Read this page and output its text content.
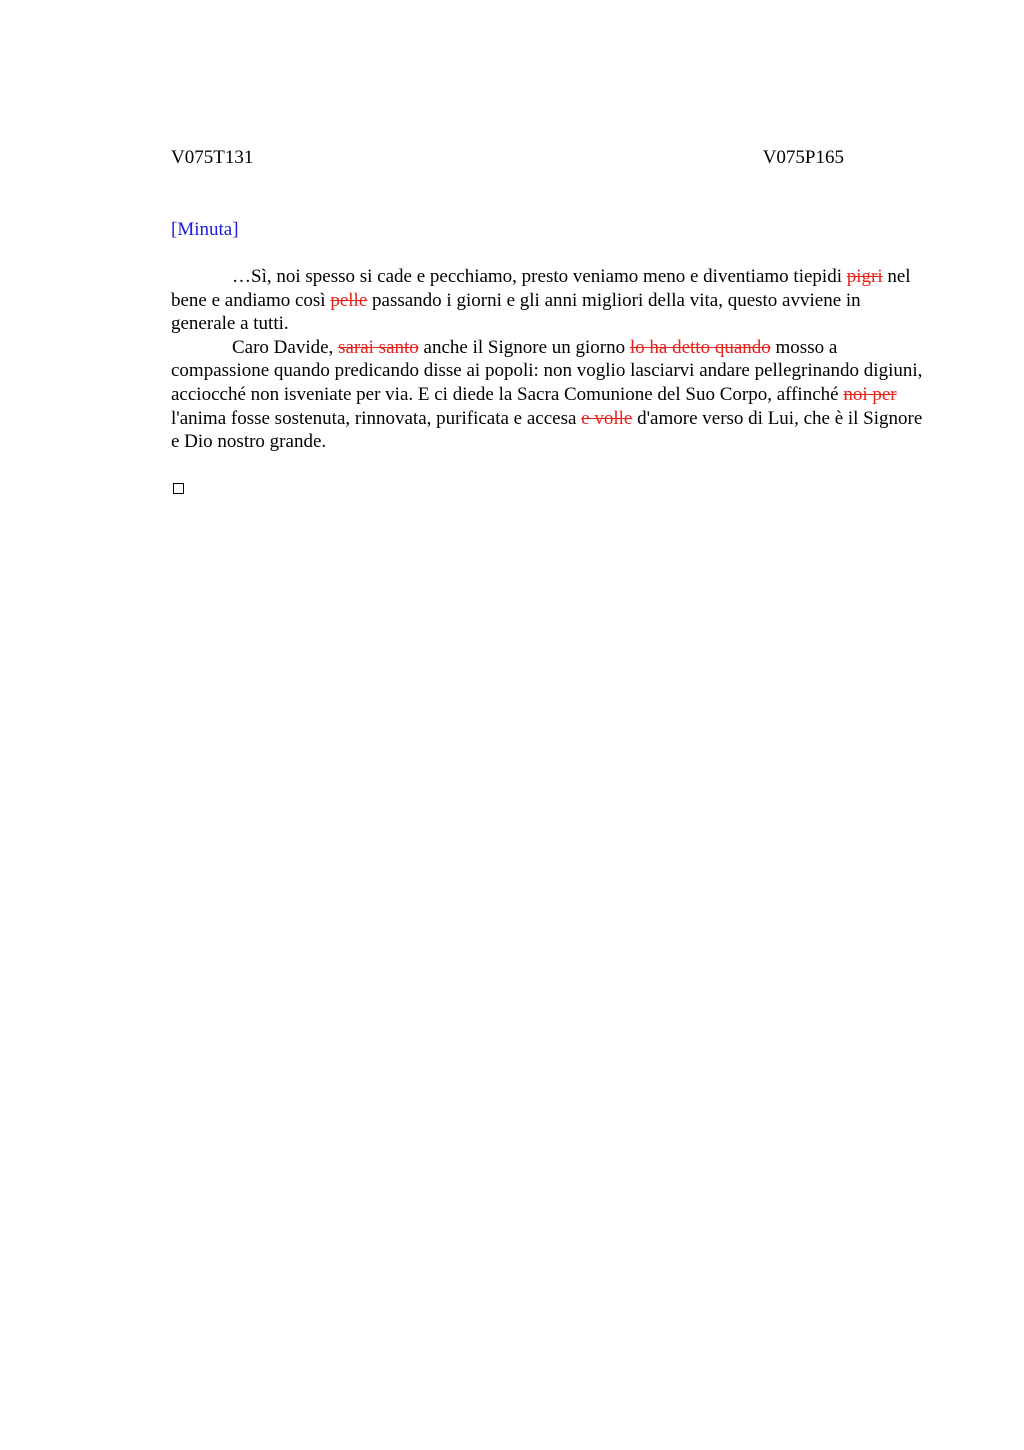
V075T131	V075P165
[Minuta]

…Sì, noi spesso si cade e pecchiamo, presto veniamo meno e diventiamo tiepidi pigri nel bene e andiamo così pelle passando i giorni e gli anni migliori della vita, questo avviene in generale a tutti.

Caro Davide, sarai santo anche il Signore un giorno lo ha detto quando mosso a compassione quando predicando disse ai popoli: non voglio lasciarvi andare pellegrinando digiuni, acciocché non isveniate per via. E ci diede la Sacra Comunione del Suo Corpo, affinché noi per l'anima fosse sostenuta, rinnovata, purificata e accesa e volle d'amore verso di Lui, che è il Signore e Dio nostro grande.
